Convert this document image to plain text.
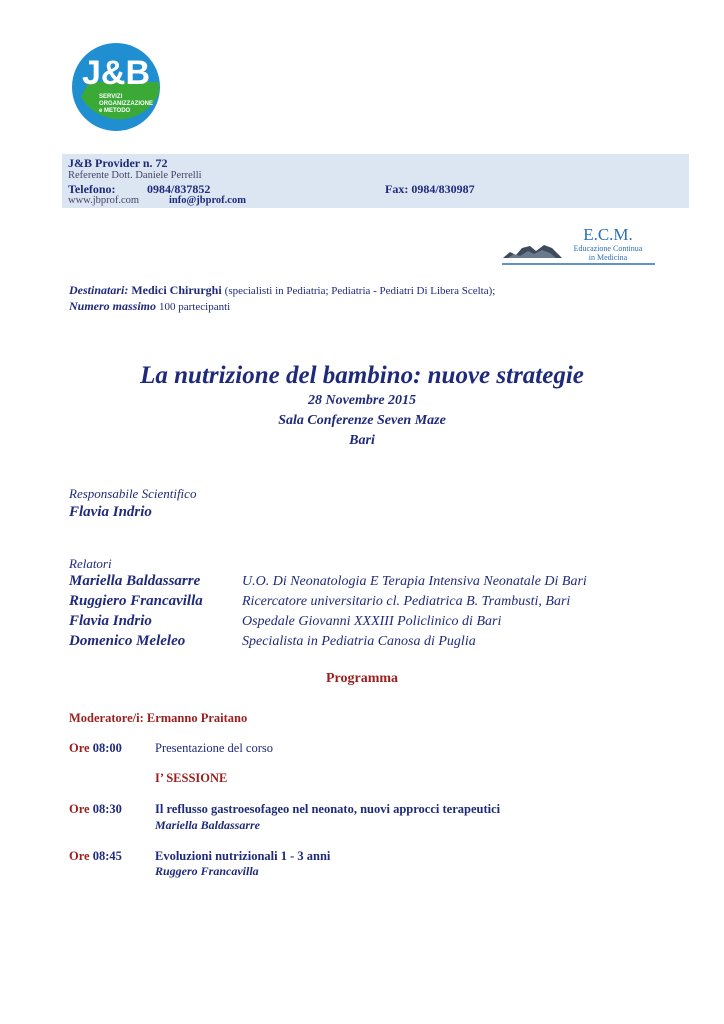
J&B
SERVIZI
ORGANIZZAZIONE
e METODO
J&B Provider n. 72
Referente Dott. Daniele Perrelli
Telefono:	0984/837852	Fax: 0984/830987
www.jbprof.com	info@jbprof.com
E.C.M.
Educazione Continua
in Medicina
Destinatari: Medici Chirurghi (specialisti in Pediatria; Pediatria - Pediatri Di Libera Scelta);
Numero massimo 100 partecipanti
La nutrizione del bambino: nuove strategie
28 Novembre 2015
Sala Conferenze Seven Maze
Bari
Responsabile Scientifico
Flavia Indrio
Relatori
Mariella Baldassarre	U.O. Di Neonatologia E Terapia Intensiva Neonatale Di Bari
Ruggiero Francavilla	Ricercatore universitario cl. Pediatrica B. Trambusti, Bari
Flavia Indrio	Ospedale Giovanni XXXIII Policlinico di Bari
Domenico Meleleo	Specialista in Pediatria Canosa di Puglia
Programma
Moderatore/i: Ermanno Praitano
Ore 08:00	Presentazione del corso
I’ SESSIONE
Ore 08:30	Il reflusso gastroesofageo nel neonato, nuovi approcci terapeutici
Mariella Baldassarre
Ore 08:45	Evoluzioni nutrizionali 1 - 3 anni
Ruggero Francavilla
